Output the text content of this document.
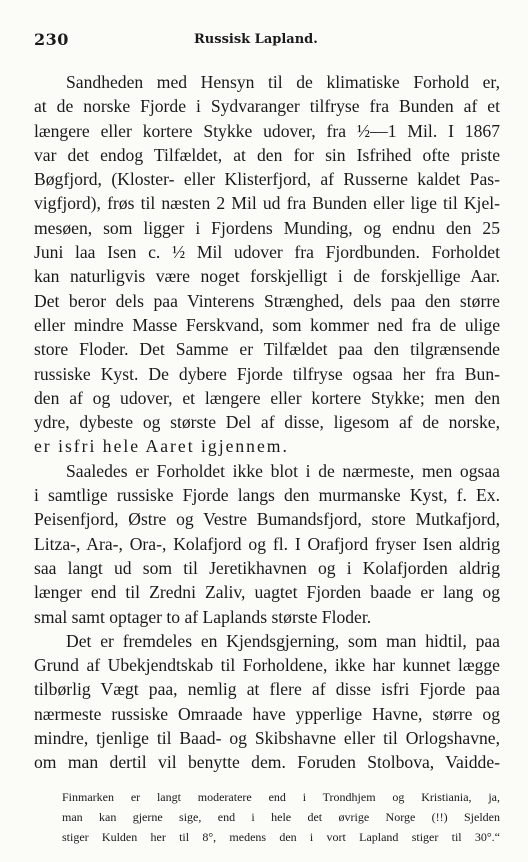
230	Russisk Lapland.
Sandheden med Hensyn til de klimatiske Forhold er,
at de norske Fjorde i Sydvaranger tilfryse fra Bunden af et
længere eller kortere Stykke udover, fra ½—1 Mil. I 1867
var det endog Tilfældet, at den for sin Isfrihed ofte priste
Bøgfjord, (Kloster- eller Klisterfjord, af Russerne kaldet Pas-
vigfjord), frøs til næsten 2 Mil ud fra Bunden eller lige til Kjel-
mesøen, som ligger i Fjordens Munding, og endnu den 25
Juni laa Isen c. ½ Mil udover fra Fjordbunden. Forholdet
kan naturligvis være noget forskjelligt i de forskjellige Aar.
Det beror dels paa Vinterens Strænghed, dels paa den større
eller mindre Masse Ferskvand, som kommer ned fra de ulige
store Floder. Det Samme er Tilfældet paa den tilgrænsende
russiske Kyst. De dybere Fjorde tilfryse ogsaa her fra Bun-
den af og udover, et længere eller kortere Stykke; men den
ydre, dybeste og største Del af disse, ligesom af de norske,
er isfri hele Aaret igjennem.
Saaledes er Forholdet ikke blot i de nærmeste, men ogsaa
i samtlige russiske Fjorde langs den murmanske Kyst, f. Ex.
Peisenfjord, Østre og Vestre Bumandsfjord, store Mutkafjord,
Litza-, Ara-, Ora-, Kolafjord og fl. I Orafjord fryser Isen aldrig
saa langt ud som til Jeretikhavnen og i Kolafjorden aldrig
længer end til Zredni Zaliv, uagtet Fjorden baade er lang og
smal samt optager to af Laplands største Floder.
Det er fremdeles en Kjendsgjerning, som man hidtil, paa
Grund af Ubekjendtskab til Forholdene, ikke har kunnet lægge
tilbørlig Vægt paa, nemlig at flere af disse isfri Fjorde paa
nærmeste russiske Omraade have ypperlige Havne, større og
mindre, tjenlige til Baad- og Skibshavne eller til Orlogshavne,
om man dertil vil benytte dem. Foruden Stolbova, Vaidde-
Finmarken er langt moderatere end i Trondhjem og Kristiania, ja,
man kan gjerne sige, end i hele det øvrige Norge (!!) Sjelden
stiger Kulden her til 8°, medens den i vort Lapland stiger til 30°.“
